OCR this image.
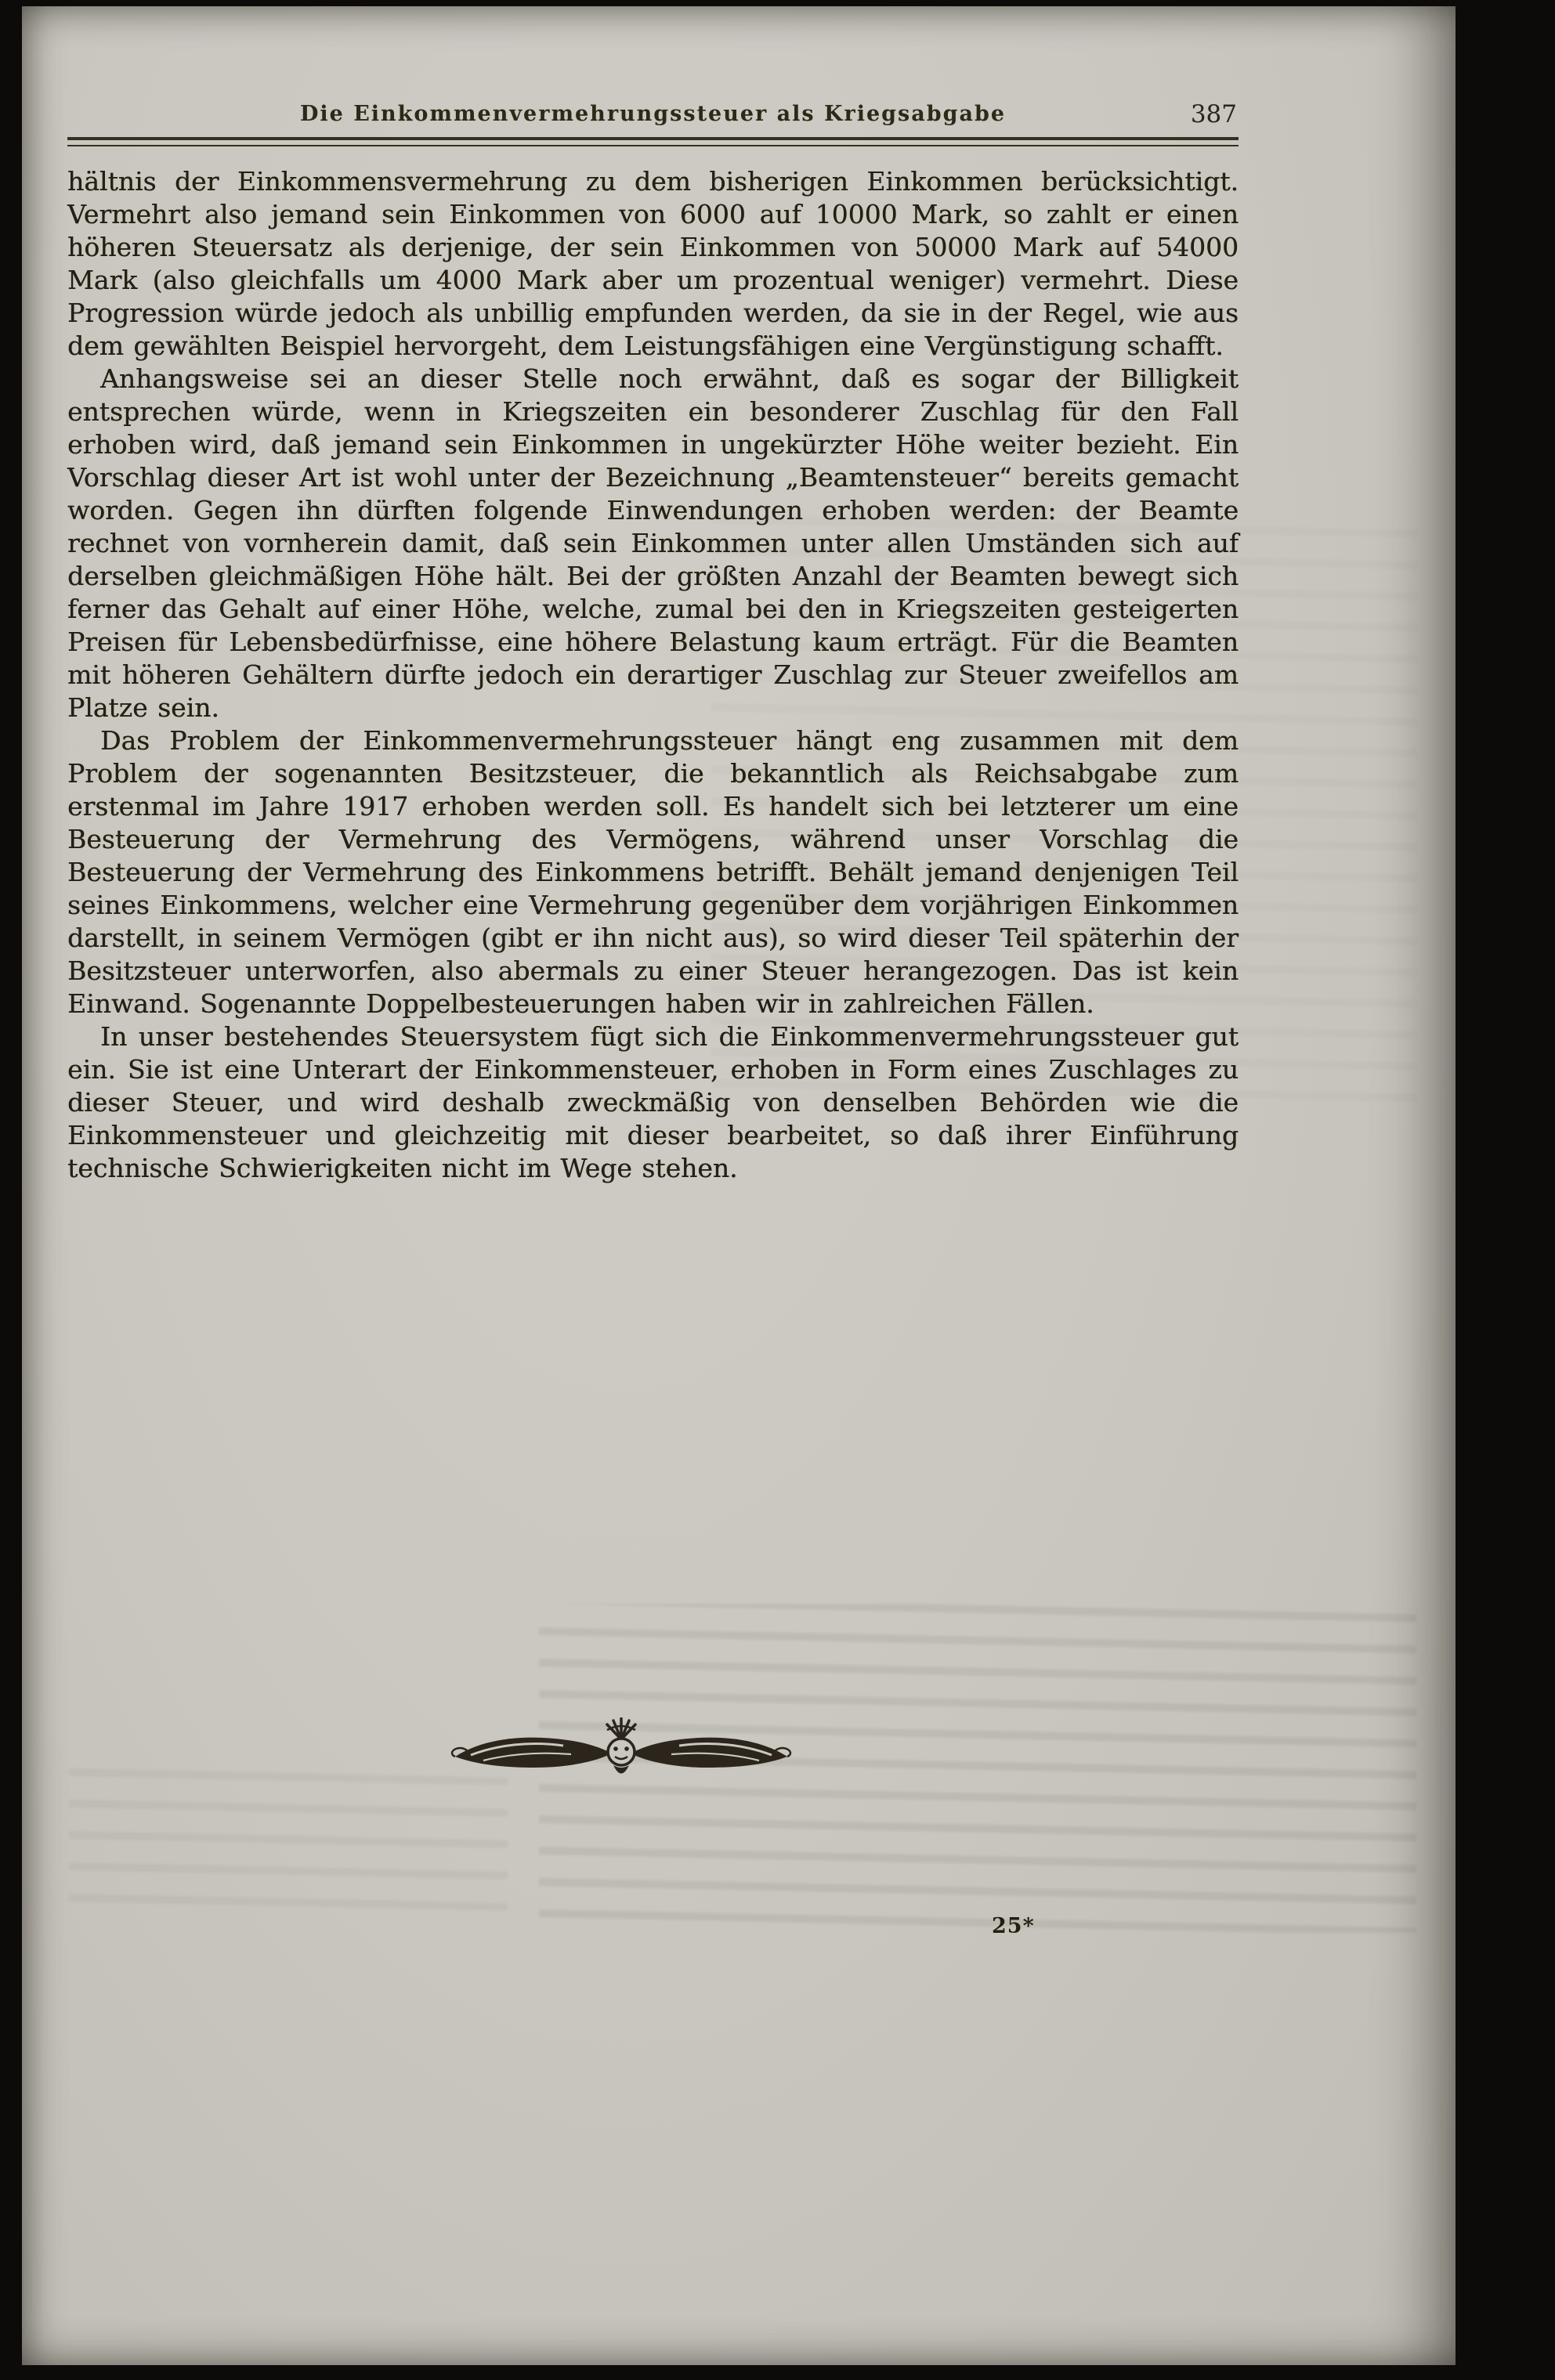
Die Einkommenvermehrungssteuer als Kriegsabgabe	387

hältnis der Einkommensvermehrung zu dem bisherigen Einkommen berücksichtigt. Vermehrt also jemand sein Einkommen von 6000 auf 10000 Mark, so zahlt er einen höheren Steuersatz als derjenige, der sein Einkommen von 50000 Mark auf 54000 Mark (also gleichfalls um 4000 Mark aber um prozentual weniger) vermehrt. Diese Progression würde jedoch als unbillig empfunden werden, da sie in der Regel, wie aus dem gewählten Beispiel hervorgeht, dem Leistungsfähigen eine Vergünstigung schafft.

Anhangsweise sei an dieser Stelle noch erwähnt, daß es sogar der Billigkeit entsprechen würde, wenn in Kriegszeiten ein besonderer Zuschlag für den Fall erhoben wird, daß jemand sein Einkommen in ungekürzter Höhe weiter bezieht. Ein Vorschlag dieser Art ist wohl unter der Bezeichnung „Beamtensteuer“ bereits gemacht worden. Gegen ihn dürften folgende Einwendungen erhoben werden: der Beamte rechnet von vornherein damit, daß sein Einkommen unter allen Umständen sich auf derselben gleichmäßigen Höhe hält. Bei der größten Anzahl der Beamten bewegt sich ferner das Gehalt auf einer Höhe, welche, zumal bei den in Kriegszeiten gesteigerten Preisen für Lebensbedürfnisse, eine höhere Belastung kaum erträgt. Für die Beamten mit höheren Gehältern dürfte jedoch ein derartiger Zuschlag zur Steuer zweifellos am Platze sein.

Das Problem der Einkommenvermehrungssteuer hängt eng zusammen mit dem Problem der sogenannten Besitzsteuer, die bekanntlich als Reichsabgabe zum erstenmal im Jahre 1917 erhoben werden soll. Es handelt sich bei letzterer um eine Besteuerung der Vermehrung des Vermögens, während unser Vorschlag die Besteuerung der Vermehrung des Einkommens betrifft. Behält jemand denjenigen Teil seines Einkommens, welcher eine Vermehrung gegenüber dem vorjährigen Einkommen darstellt, in seinem Vermögen (gibt er ihn nicht aus), so wird dieser Teil späterhin der Besitzsteuer unterworfen, also abermals zu einer Steuer herangezogen. Das ist kein Einwand. Sogenannte Doppelbesteuerungen haben wir in zahlreichen Fällen.

In unser bestehendes Steuersystem fügt sich die Einkommenvermehrungssteuer gut ein. Sie ist eine Unterart der Einkommensteuer, erhoben in Form eines Zuschlages zu dieser Steuer, und wird deshalb zweckmäßig von denselben Behörden wie die Einkommensteuer und gleichzeitig mit dieser bearbeitet, so daß ihrer Einführung technische Schwierigkeiten nicht im Wege stehen.

25*
